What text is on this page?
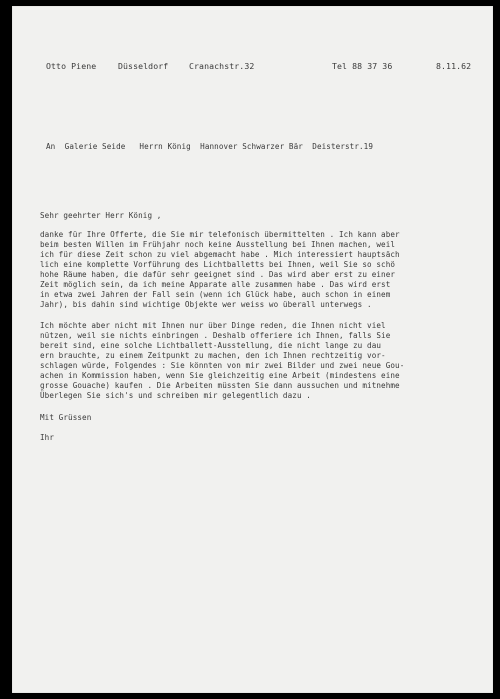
Otto Piene	Düsseldorf	Cranachstr.32	Tel 88 37 36	8.11.62
An  Galerie Seide   Herrn König  Hannover Schwarzer Bär  Deisterstr.19
Sehr geehrter Herr König ,
danke für Ihre Offerte, die Sie mir telefonisch übermittelten . Ich kann aber
beim besten Willen im Frühjahr noch keine Ausstellung bei Ihnen machen, weil
ich für diese Zeit schon zu viel abgemacht habe . Mich interessiert hauptsäch
lich eine komplette Vorführung des Lichtballetts bei Ihnen, weil Sie so schö
hohe Räume haben, die dafür sehr geeignet sind . Das wird aber erst zu einer
Zeit möglich sein, da ich meine Apparate alle zusammen habe . Das wird erst
in etwa zwei Jahren der Fall sein (wenn ich Glück habe, auch schon in einem
Jahr), bis dahin sind wichtige Objekte wer weiss wo überall unterwegs .
Ich möchte aber nicht mit Ihnen nur über Dinge reden, die Ihnen nicht viel
nützen, weil sie nichts einbringen . Deshalb offeriere ich Ihnen, falls Sie
bereit sind, eine solche Lichtballett-Ausstellung, die nicht lange zu dau
ern brauchte, zu einem Zeitpunkt zu machen, den ich Ihnen rechtzeitig vor-
schlagen würde, Folgendes : Sie könnten von mir zwei Bilder und zwei neue Gou-
achen in Kommission haben, wenn Sie gleichzeitig eine Arbeit (mindestens eine
grosse Gouache) kaufen . Die Arbeiten müssten Sie dann aussuchen und mitnehme
Überlegen Sie sich's und schreiben mir gelegentlich dazu .
Mit Grüssen
Ihr
